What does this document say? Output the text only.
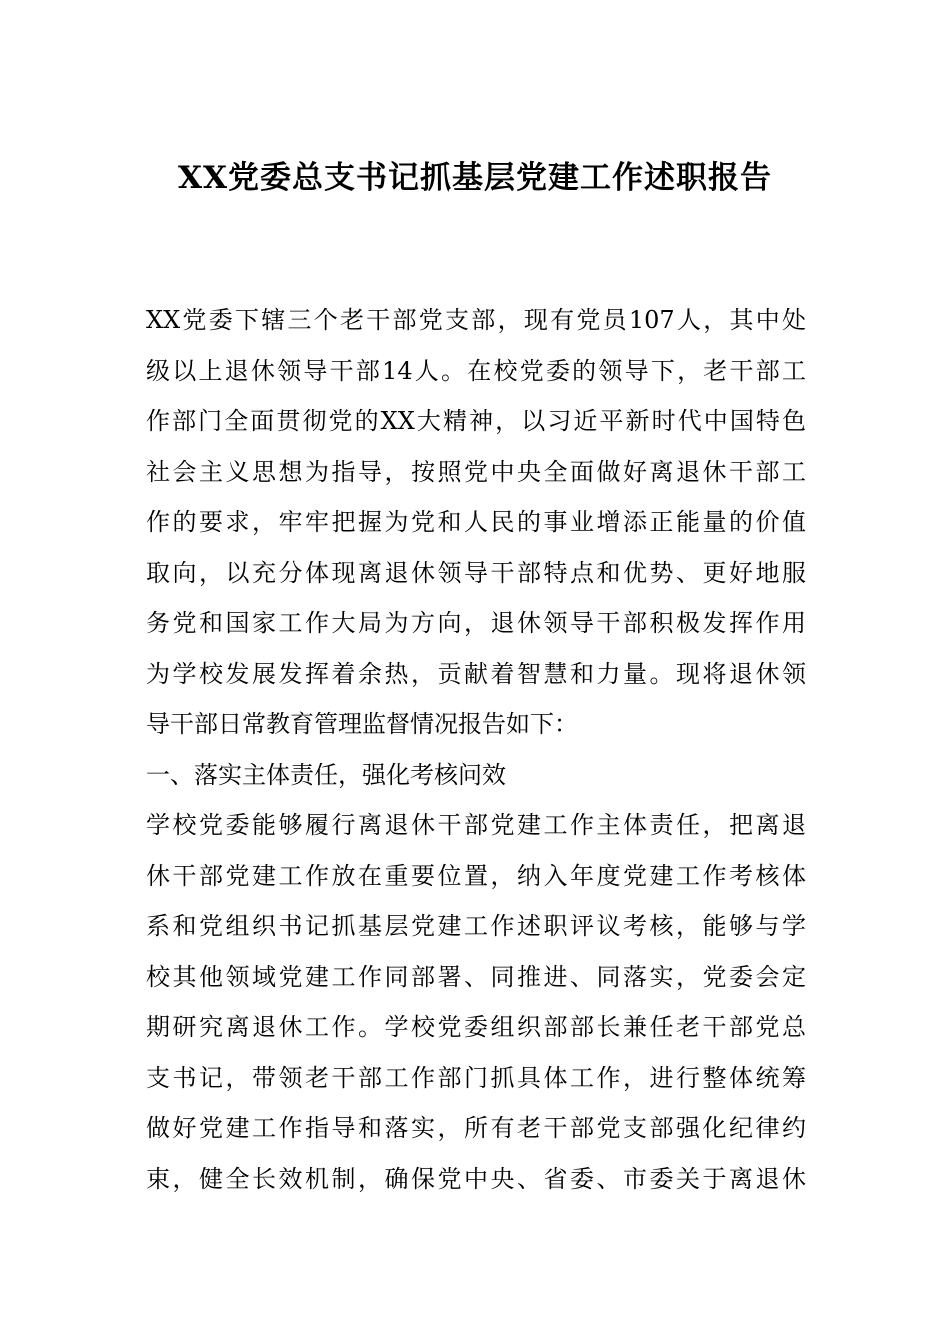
XX党委总支书记抓基层党建工作述职报告
XX党委下辖三个老干部党支部，现有党员107人，其中处
级以上退休领导干部14人。在校党委的领导下，老干部工
作部门全面贯彻党的XX大精神，以习近平新时代中国特色
社会主义思想为指导，按照党中央全面做好离退休干部工
作的要求，牢牢把握为党和人民的事业增添正能量的价值
取向，以充分体现离退休领导干部特点和优势、更好地服
务党和国家工作大局为方向，退休领导干部积极发挥作用
为学校发展发挥着余热，贡献着智慧和力量。现将退休领
导干部日常教育管理监督情况报告如下：
一、落实主体责任，强化考核问效
学校党委能够履行离退休干部党建工作主体责任，把离退
休干部党建工作放在重要位置，纳入年度党建工作考核体
系和党组织书记抓基层党建工作述职评议考核，能够与学
校其他领域党建工作同部署、同推进、同落实，党委会定
期研究离退休工作。学校党委组织部部长兼任老干部党总
支书记，带领老干部工作部门抓具体工作，进行整体统筹
做好党建工作指导和落实，所有老干部党支部强化纪律约
束，健全长效机制，确保党中央、省委、市委关于离退休
